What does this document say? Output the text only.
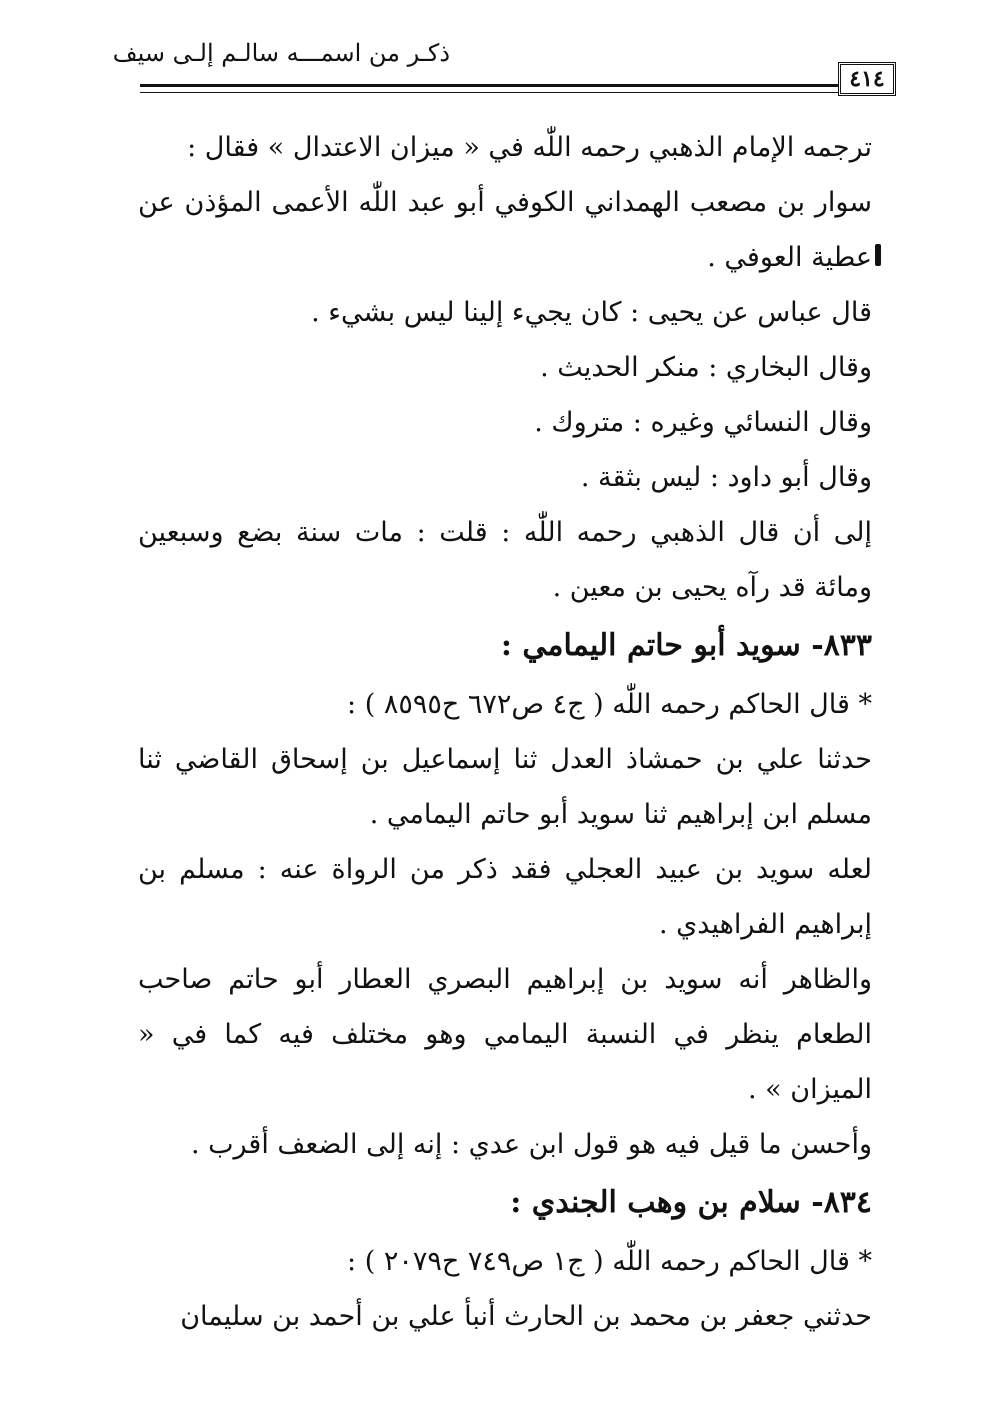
ذكـر من اسمـــه سالـم إلـى سيف
٤١٤

ترجمه الإمام الذهبي رحمه اللّٰه في « ميزان الاعتدال » فقال :

سوار بن مصعب الهمداني الكوفي أبو عبد اللّٰه الأعمى المؤذن عن عطية العوفي .

قال عباس عن يحيى : كان يجيء إلينا ليس بشيء .

وقال البخاري : منكر الحديث .

وقال النسائي وغيره : متروك .

وقال أبو داود : ليس بثقة .

إلى أن قال الذهبي رحمه اللّٰه : قلت : مات سنة بضع وسبعين ومائة قد رآه يحيى بن معين .

٨٣٣- سويد أبو حاتم اليمامي :

* قال الحاكم رحمه اللّٰه ( ج٤ ص٦٧٢ ح٨٥٩٥ ) :

حدثنا علي بن حمشاذ العدل ثنا إسماعيل بن إسحاق القاضي ثنا مسلم ابن إبراهيم ثنا سويد أبو حاتم اليمامي .

لعله سويد بن عبيد العجلي فقد ذكر من الرواة عنه : مسلم بن إبراهيم الفراهيدي .

والظاهر أنه سويد بن إبراهيم البصري العطار أبو حاتم صاحب الطعام ينظر في النسبة اليمامي وهو مختلف فيه كما في « الميزان » .

وأحسن ما قيل فيه هو قول ابن عدي : إنه إلى الضعف أقرب .

٨٣٤- سلام بن وهب الجندي :

* قال الحاكم رحمه اللّٰه ( ج١ ص٧٤٩ ح٢٠٧٩ ) :

حدثني جعفر بن محمد بن الحارث أنبأ علي بن أحمد بن سليمان
